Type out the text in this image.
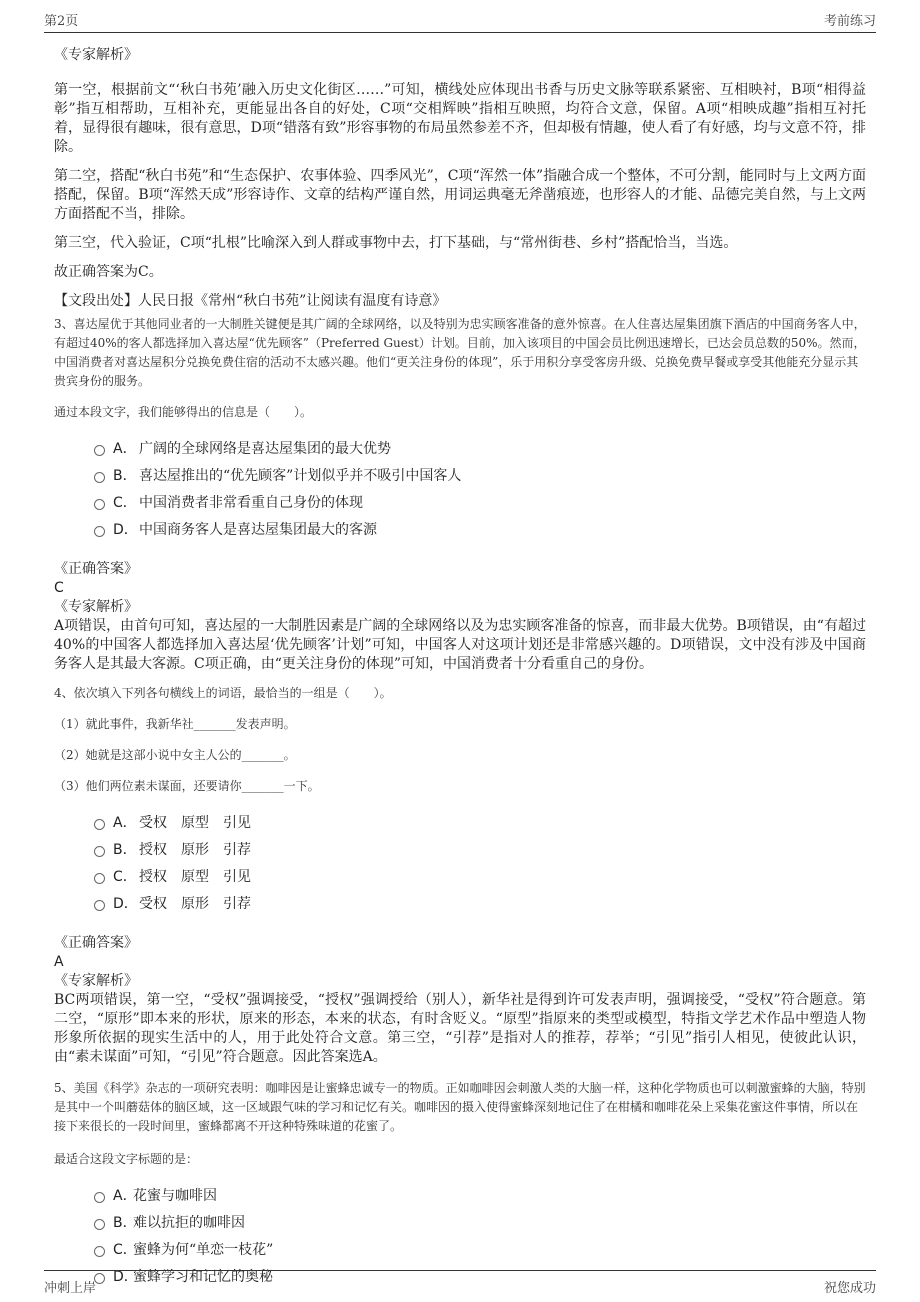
第2页	考前练习
《专家解析》

第一空，根据前文“‘秋白书苑’融入历史文化街区……”可知，横线处应体现出书香与历史文脉等联系紧密、互相映衬，B项“相得益彰”指互相帮助，互相补充，更能显出各自的好处，C项“交相辉映”指相互映照，均符合文意，保留。A项“相映成趣”指相互衬托着，显得很有趣味，很有意思，D项“错落有致”形容事物的布局虽然参差不齐，但却极有情趣，使人看了有好感，均与文意不符，排除。

第二空，搭配“秋白书苑”和“生态保护、农事体验、四季风光”，C项“浑然一体”指融合成一个整体，不可分割，能同时与上文两方面搭配，保留。B项“浑然天成”形容诗作、文章的结构严谨自然，用词运典毫无斧凿痕迹，也形容人的才能、品德完美自然，与上文两方面搭配不当，排除。

第三空，代入验证，C项“扎根”比喻深入到人群或事物中去，打下基础，与“常州街巷、乡村”搭配恰当，当选。

故正确答案为C。

【文段出处】人民日报《常州“秋白书苑”让阅读有温度有诗意》

3、喜达屋优于其他同业者的一大制胜关键便是其广阔的全球网络，以及特别为忠实顾客准备的意外惊喜。在人住喜达屋集团旗下酒店的中国商务客人中，有超过40%的客人都选择加入喜达屋“优先顾客”（Preferred Guest）计划。目前，加入该项目的中国会员比例迅速增长，已达会员总数的50%。然而，中国消费者对喜达屋积分兑换免费住宿的活动不太感兴趣。他们“更关注身份的体现”，乐于用积分享受客房升级、兑换免费早餐或享受其他能充分显示其贵宾身份的服务。

通过本段文字，我们能够得出的信息是（　　）。

A． 广阔的全球网络是喜达屋集团的最大优势
B． 喜达屋推出的“优先顾客”计划似乎并不吸引中国客人
C． 中国消费者非常看重自己身份的体现
D． 中国商务客人是喜达屋集团最大的客源
《正确答案》
C
《专家解析》

A项错误，由首句可知，喜达屋的一大制胜因素是广阔的全球网络以及为忠实顾客准备的惊喜，而非最大优势。B项错误，由“有超过40%的中国客人都选择加入喜达屋‘优先顾客’计划”可知，中国客人对这项计划还是非常感兴趣的。D项错误，文中没有涉及中国商务客人是其最大客源。C项正确，由“更关注身份的体现”可知，中国消费者十分看重自己的身份。

4、依次填入下列各句横线上的词语，最恰当的一组是（　　）。

（1）就此事件，我新华社_______发表声明。

（2）她就是这部小说中女主人公的_______。

（3）他们两位素未谋面，还要请你_______一下。

A． 受权　原型　引见
B． 授权　原形　引荐
C． 授权　原型　引见
D． 受权　原形　引荐
《正确答案》
A
《专家解析》

BC两项错误，第一空，“受权”强调接受，“授权”强调授给（别人），新华社是得到许可发表声明，强调接受，“受权”符合题意。第二空，“原形”即本来的形状，原来的形态，本来的状态，有时含贬义。“原型”指原来的类型或模型，特指文学艺术作品中塑造人物形象所依据的现实生活中的人，用于此处符合文意。第三空，“引荐”是指对人的推荐，荐举；“引见”指引人相见，使彼此认识，由“素未谋面”可知，“引见”符合题意。因此答案选A。

5、美国《科学》杂志的一项研究表明：咖啡因是让蜜蜂忠诚专一的物质。正如咖啡因会刺激人类的大脑一样，这种化学物质也可以刺激蜜蜂的大脑，特别是其中一个叫蘑菇体的脑区域，这一区域跟气味的学习和记忆有关。咖啡因的摄入使得蜜蜂深刻地记住了在柑橘和咖啡花朵上采集花蜜这件事情，所以在接下来很长的一段时间里，蜜蜂都离不开这种特殊味道的花蜜了。

最适合这段文字标题的是：

A．
花蜜与咖啡因
B．
难以抗拒的咖啡因
C．
蜜蜂为何“单恋一枝花”
D．
蜜蜂学习和记忆的奥秘
冲刺上岸	祝您成功
